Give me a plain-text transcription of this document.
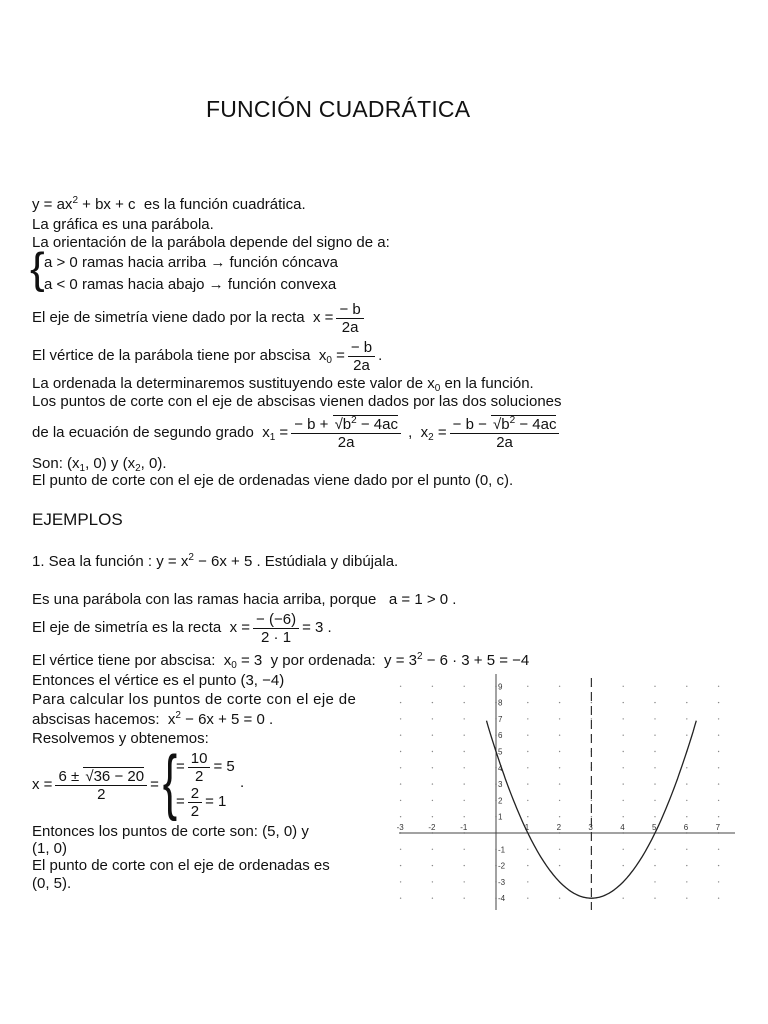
FUNCIÓN CUADRÁTICA
$y = ax^2$ + bx + c es la función cuadrática.
La gráfica es una parábola.
La orientación de la parábola depende del signo de a:
{ a > 0 ramas hacia arriba → función cóncava
a < 0 ramas hacia abajo → función convexa
El eje de simetría viene dado por la recta $x = \frac{- b}{2a}$
El vértice de la parábola tiene por abscisa $x_0 = \frac{- b}{2a}$ .
La ordenada la determinaremos sustituyendo este valor de $x_0$ en la función.
Los puntos de corte con el eje de abscisas vienen dados por las dos soluciones
de la ecuación de segundo grado $x_1 = \frac{- b + √b^2 - 4ac}{2a}$ , $x_2 = \frac{- b - √b^2 - 4ac}{2a}$
Son: ($x_1$, 0) y ($x_2$, 0).
El punto de corte con el eje de ordenadas viene dado por el punto (0, c).
EJEMPLOS
1. Sea la función : $y = x^2 - 6x + 5$ . Estúdiala y dibújala.
Es una parábola con las ramas hacia arriba, porque a = 1 > 0 .
El eje de simetría es la recta $x = \frac{- (-6)}{2 \cdot 1} = 3$ .
El vértice tiene por abscisa: $x_0 = 3$ y por ordenada: $y = 3^2 - 6 \cdot 3 + 5 = -4$
Entonces el vértice es el punto (3, −4)
Para calcular los puntos de corte con el eje de
abscisas hacemos: $x^2 - 6x + 5 = 0$ .
Resolvemos y obtenemos:
$x = \frac{6 \pm √36 - 20}{2}$ = {
= $\frac{10}{2} = 5$
= $\frac{2}{2} = 1$
.
Entonces los puntos de corte son: (5, 0) y
(1, 0)
El punto de corte con el eje de ordenadas es
(0, 5).
-3	-2	-1	1	2	3	4	5	6	7
9
8
7
6
5
4
3
2
1
-1
-2
-3
-4
